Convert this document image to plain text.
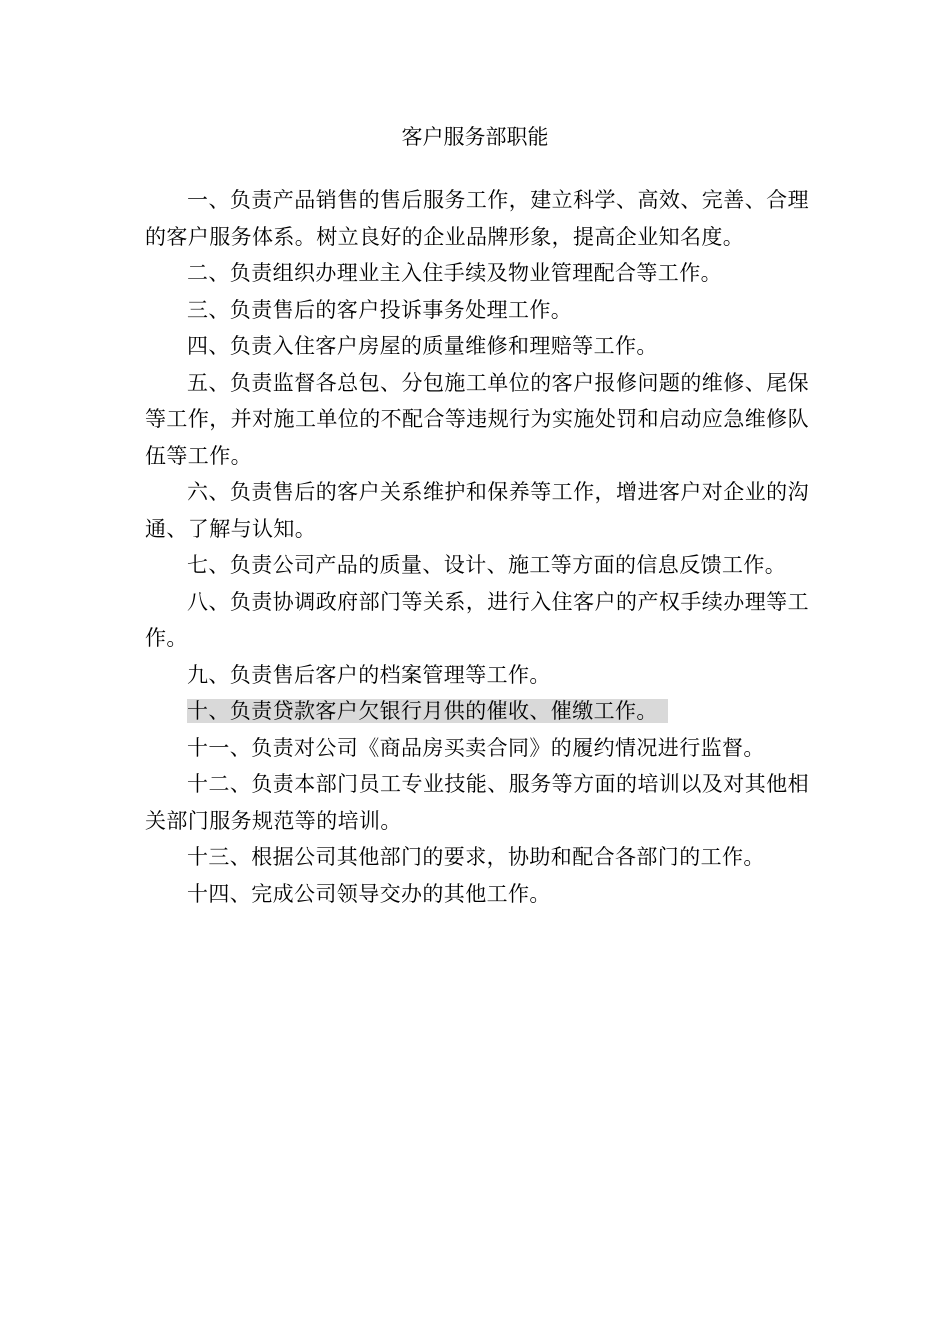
客户服务部职能

一、负责产品销售的售后服务工作，建立科学、高效、完善、合理的客户服务体系。树立良好的企业品牌形象，提高企业知名度。

二、负责组织办理业主入住手续及物业管理配合等工作。

三、负责售后的客户投诉事务处理工作。

四、负责入住客户房屋的质量维修和理赔等工作。

五、负责监督各总包、分包施工单位的客户报修问题的维修、尾保等工作，并对施工单位的不配合等违规行为实施处罚和启动应急维修队伍等工作。

六、负责售后的客户关系维护和保养等工作，增进客户对企业的沟通、了解与认知。

七、负责公司产品的质量、设计、施工等方面的信息反馈工作。

八、负责协调政府部门等关系，进行入住客户的产权手续办理等工作。

九、负责售后客户的档案管理等工作。

十、负责贷款客户欠银行月供的催收、催缴工作。

十一、负责对公司《商品房买卖合同》的履约情况进行监督。

十二、负责本部门员工专业技能、服务等方面的培训以及对其他相关部门服务规范等的培训。

十三、根据公司其他部门的要求，协助和配合各部门的工作。

十四、完成公司领导交办的其他工作。
